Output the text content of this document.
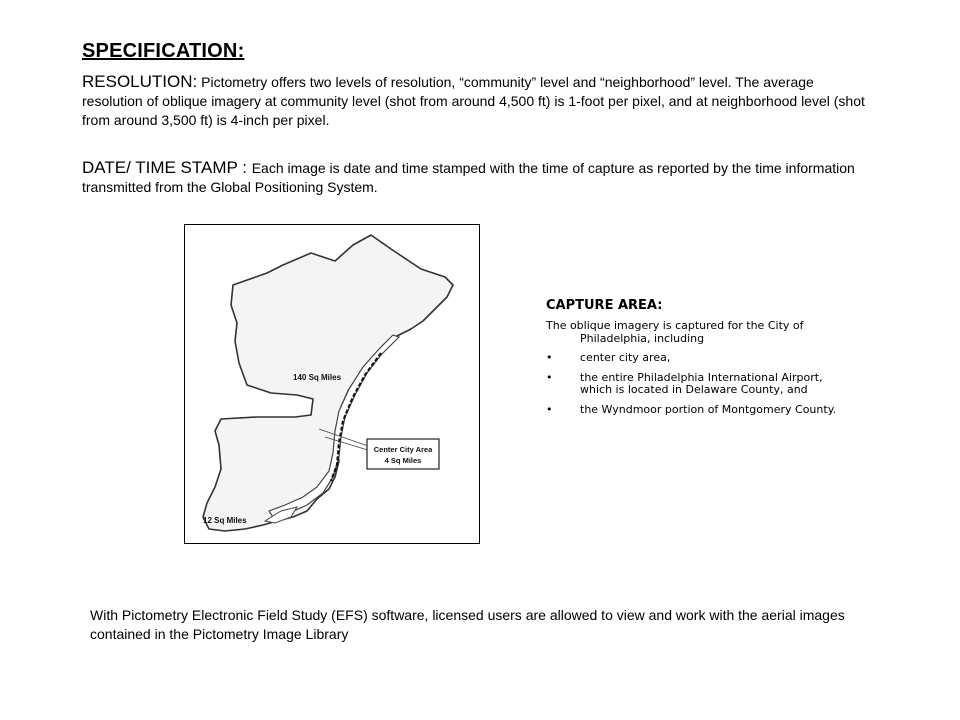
SPECIFICATION:
RESOLUTION: Pictometry offers two levels of resolution, “community” level and “neighborhood” level. The average resolution of oblique imagery at community level (shot from around 4,500 ft) is 1-foot per pixel, and at neighborhood level (shot from around 3,500 ft) is 4-inch per pixel.
DATE/ TIME STAMP : Each image is date and time stamped with the time of capture as reported by the time information transmitted from the Global Positioning System.
Center City Area
4 Sq Miles
140 Sq Miles
12 Sq Miles
CAPTURE AREA:
The oblique imagery is captured for the City of Philadelphia, including
•	center city area,
•	the entire Philadelphia International Airport, which is located in Delaware County, and
•	the Wyndmoor portion of Montgomery County.
With Pictometry Electronic Field Study (EFS) software, licensed users are allowed to view and work with the aerial images contained in the Pictometry Image Library
